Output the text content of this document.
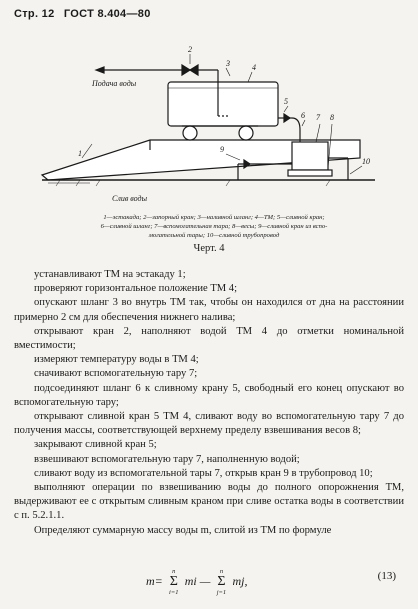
Стр. 12 ГОСТ 8.404—80
Подача воды
Слив воды
1
2
3	4
5
6 7 8
9
10
1—эстакада; 2—запорный кран; 3—наливной шланг; 4—ТМ; 5—сливной кран;
6—сливной шланг; 7—вспомогательная тара; 8—весы; 9—сливной кран из вспо-
могательной тары; 10—сливной трубопровод
Черт. 4

устанавливают ТМ на эстакаду 1;

проверяют горизонтальное положение ТМ 4;

опускают шланг 3 во внутрь ТМ так, чтобы он находился от дна на расстоянии примерно 2 см для обеспечения нижнего налива;

открывают кран 2, наполняют водой ТМ 4 до отметки номинальной вместимости;

измеряют температуру воды в ТМ 4;

сначивают вспомогательную тару 7;

подсоединяют шланг 6 к сливному крану 5, свободный его конец опускают во вспомогательную тару;

открывают сливной кран 5 ТМ 4, сливают воду во вспомогательную тару 7 до получения массы, соответствующей верхнему пределу взвешивания весов 8;

закрывают сливной кран 5;

взвешивают вспомогательную тару 7, наполненную водой;

сливают воду из вспомогательной тары 7, открыв кран 9 в трубопровод 10;

выполняют операции по взвешиванию воды до полного опорожнения ТМ, выдерживают ее с открытым сливным краном при сливе остатка воды в соответствии с п. 5.2.1.1.

Определяют суммарную массу воды m, слитой из ТМ по формуле

m=
n
Σ
i=1
mi —
n
Σ
j=1
mj,	(13)
